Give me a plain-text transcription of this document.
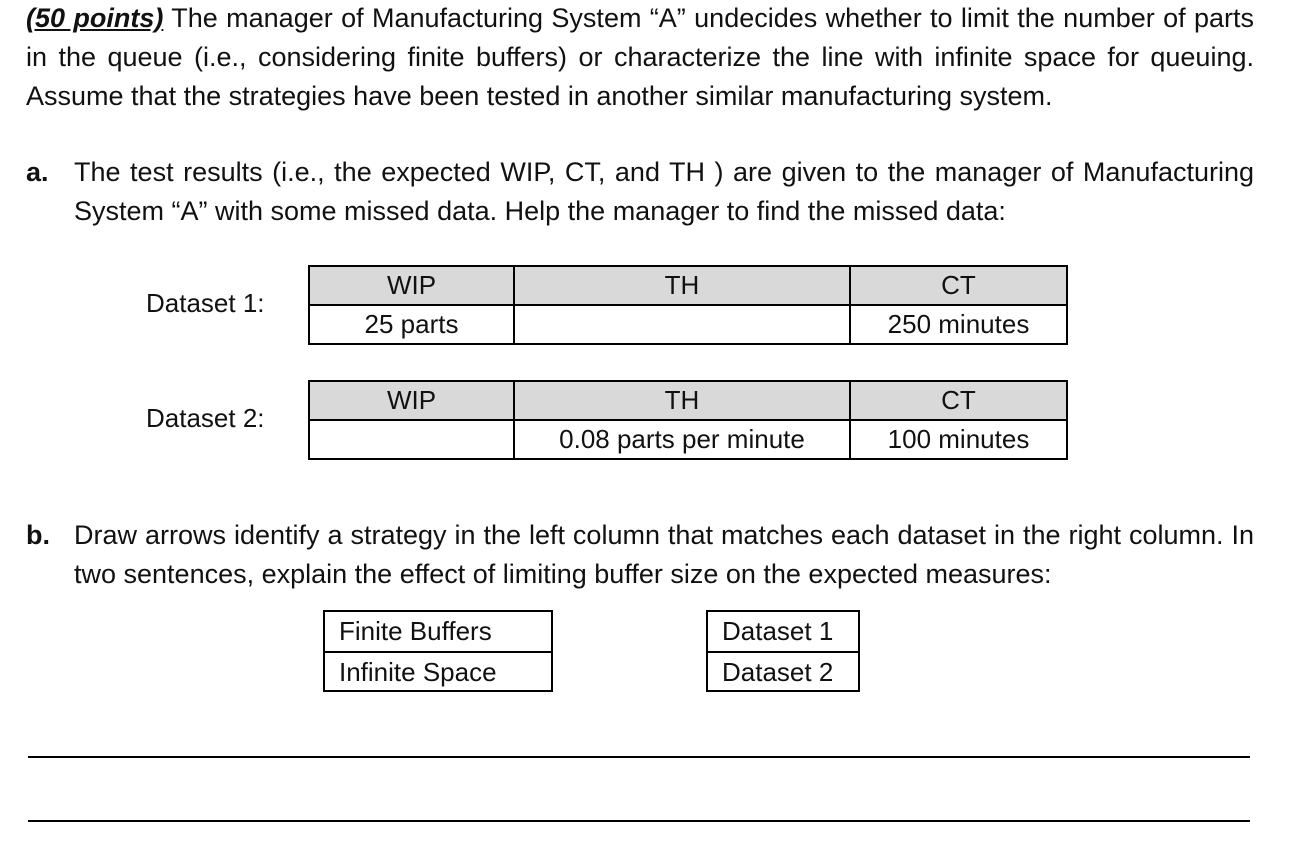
(50 points) The manager of Manufacturing System “A” undecides whether to limit the number of parts in the queue (i.e., considering finite buffers) or characterize the line with infinite space for queuing. Assume that the strategies have been tested in another similar manufacturing system.

a. The test results (i.e., the expected WIP, CT, and TH ) are given to the manager of Manufacturing System “A” with some missed data. Help the manager to find the missed data:
Dataset 1:
WIP	TH	CT
25 parts		250 minutes
Dataset 2:
WIP	TH	CT
	0.08 parts per minute	100 minutes
b. Draw arrows identify a strategy in the left column that matches each dataset in the right column. In two sentences, explain the effect of limiting buffer size on the expected measures:
Finite Buffers
Infinite Space
Dataset 1
Dataset 2
